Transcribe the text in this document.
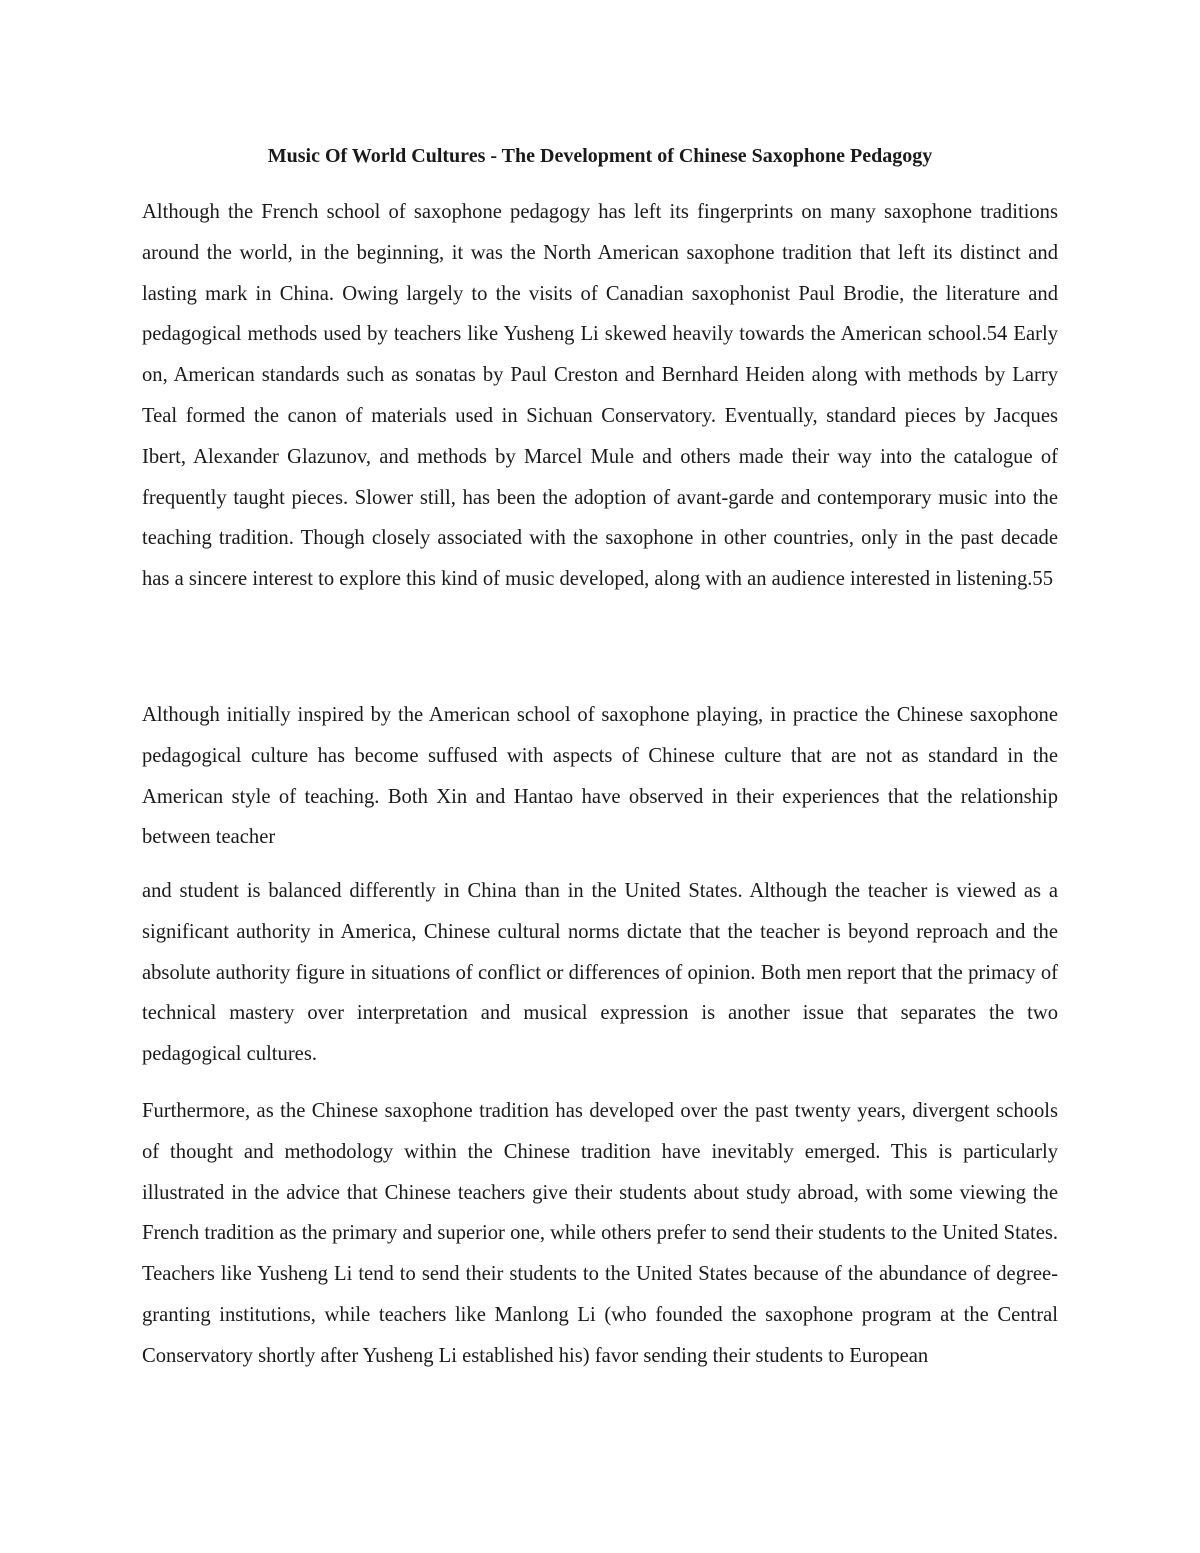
Music Of World Cultures - The Development of Chinese Saxophone Pedagogy

Although the French school of saxophone pedagogy has left its fingerprints on many saxophone traditions around the world, in the beginning, it was the North American saxophone tradition that left its distinct and lasting mark in China. Owing largely to the visits of Canadian saxophonist Paul Brodie, the literature and pedagogical methods used by teachers like Yusheng Li skewed heavily towards the American school.54 Early on, American standards such as sonatas by Paul Creston and Bernhard Heiden along with methods by Larry Teal formed the canon of materials used in Sichuan Conservatory. Eventually, standard pieces by Jacques Ibert, Alexander Glazunov, and methods by Marcel Mule and others made their way into the catalogue of frequently taught pieces. Slower still, has been the adoption of avant-garde and contemporary music into the teaching tradition. Though closely associated with the saxophone in other countries, only in the past decade has a sincere interest to explore this kind of music developed, along with an audience interested in listening.55

Although initially inspired by the American school of saxophone playing, in practice the Chinese saxophone pedagogical culture has become suffused with aspects of Chinese culture that are not as standard in the American style of teaching. Both Xin and Hantao have observed in their experiences that the relationship between teacher

and student is balanced differently in China than in the United States. Although the teacher is viewed as a significant authority in America, Chinese cultural norms dictate that the teacher is beyond reproach and the absolute authority figure in situations of conflict or differences of opinion. Both men report that the primacy of technical mastery over interpretation and musical expression is another issue that separates the two pedagogical cultures.

Furthermore, as the Chinese saxophone tradition has developed over the past twenty years, divergent schools of thought and methodology within the Chinese tradition have inevitably emerged. This is particularly illustrated in the advice that Chinese teachers give their students about study abroad, with some viewing the French tradition as the primary and superior one, while others prefer to send their students to the United States. Teachers like Yusheng Li tend to send their students to the United States because of the abundance of degree-granting institutions, while teachers like Manlong Li (who founded the saxophone program at the Central Conservatory shortly after Yusheng Li established his) favor sending their students to European
